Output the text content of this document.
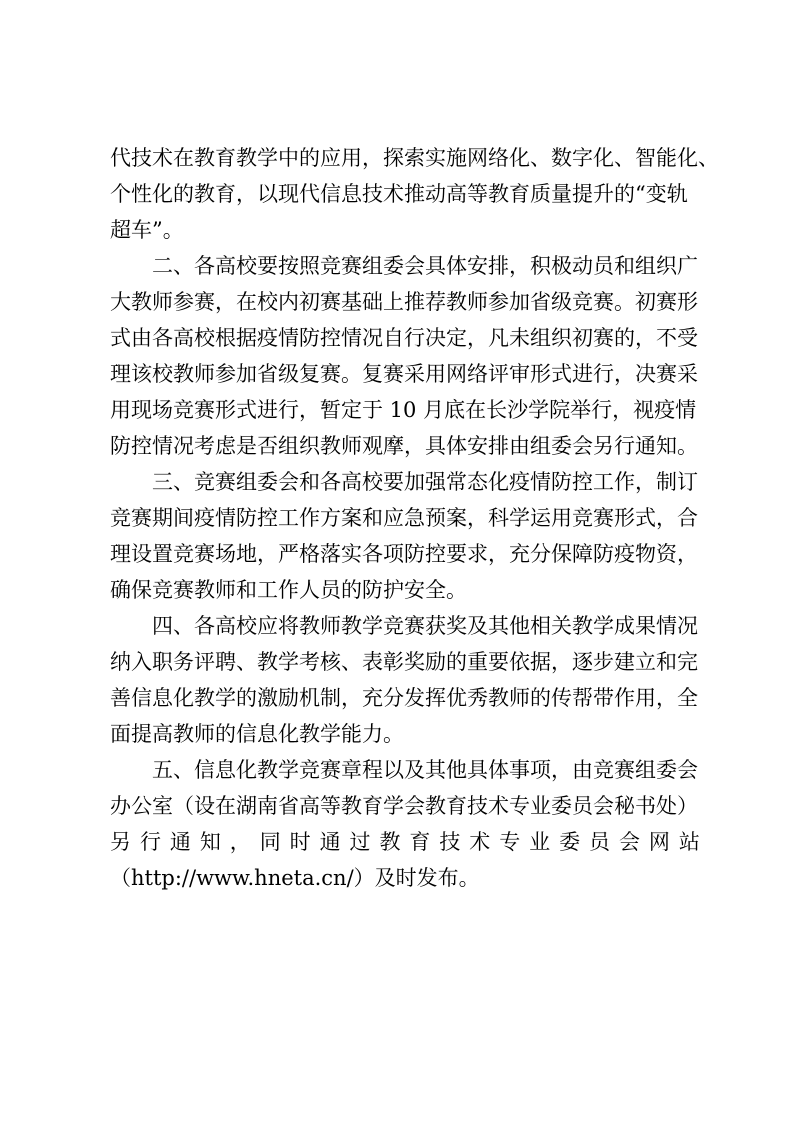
代技术在教育教学中的应用，探索实施网络化、数字化、智能化、
个性化的教育，以现代信息技术推动高等教育质量提升的“变轨
超车”。

二、各高校要按照竞赛组委会具体安排，积极动员和组织广
大教师参赛，在校内初赛基础上推荐教师参加省级竞赛。初赛形
式由各高校根据疫情防控情况自行决定，凡未组织初赛的，不受
理该校教师参加省级复赛。复赛采用网络评审形式进行，决赛采
用现场竞赛形式进行，暂定于 10 月底在长沙学院举行，视疫情
防控情况考虑是否组织教师观摩，具体安排由组委会另行通知。

三、竞赛组委会和各高校要加强常态化疫情防控工作，制订
竞赛期间疫情防控工作方案和应急预案，科学运用竞赛形式，合
理设置竞赛场地，严格落实各项防控要求，充分保障防疫物资，
确保竞赛教师和工作人员的防护安全。

四、各高校应将教师教学竞赛获奖及其他相关教学成果情况
纳入职务评聘、教学考核、表彰奖励的重要依据，逐步建立和完
善信息化教学的激励机制，充分发挥优秀教师的传帮带作用，全
面提高教师的信息化教学能力。

五、信息化教学竞赛章程以及其他具体事项，由竞赛组委会
办公室（设在湖南省高等教育学会教育技术专业委员会秘书处）
另 行 通 知 ， 同 时 通 过 教 育 技 术 专 业 委 员 会 网 站
（http://www.hneta.cn/）及时发布。
